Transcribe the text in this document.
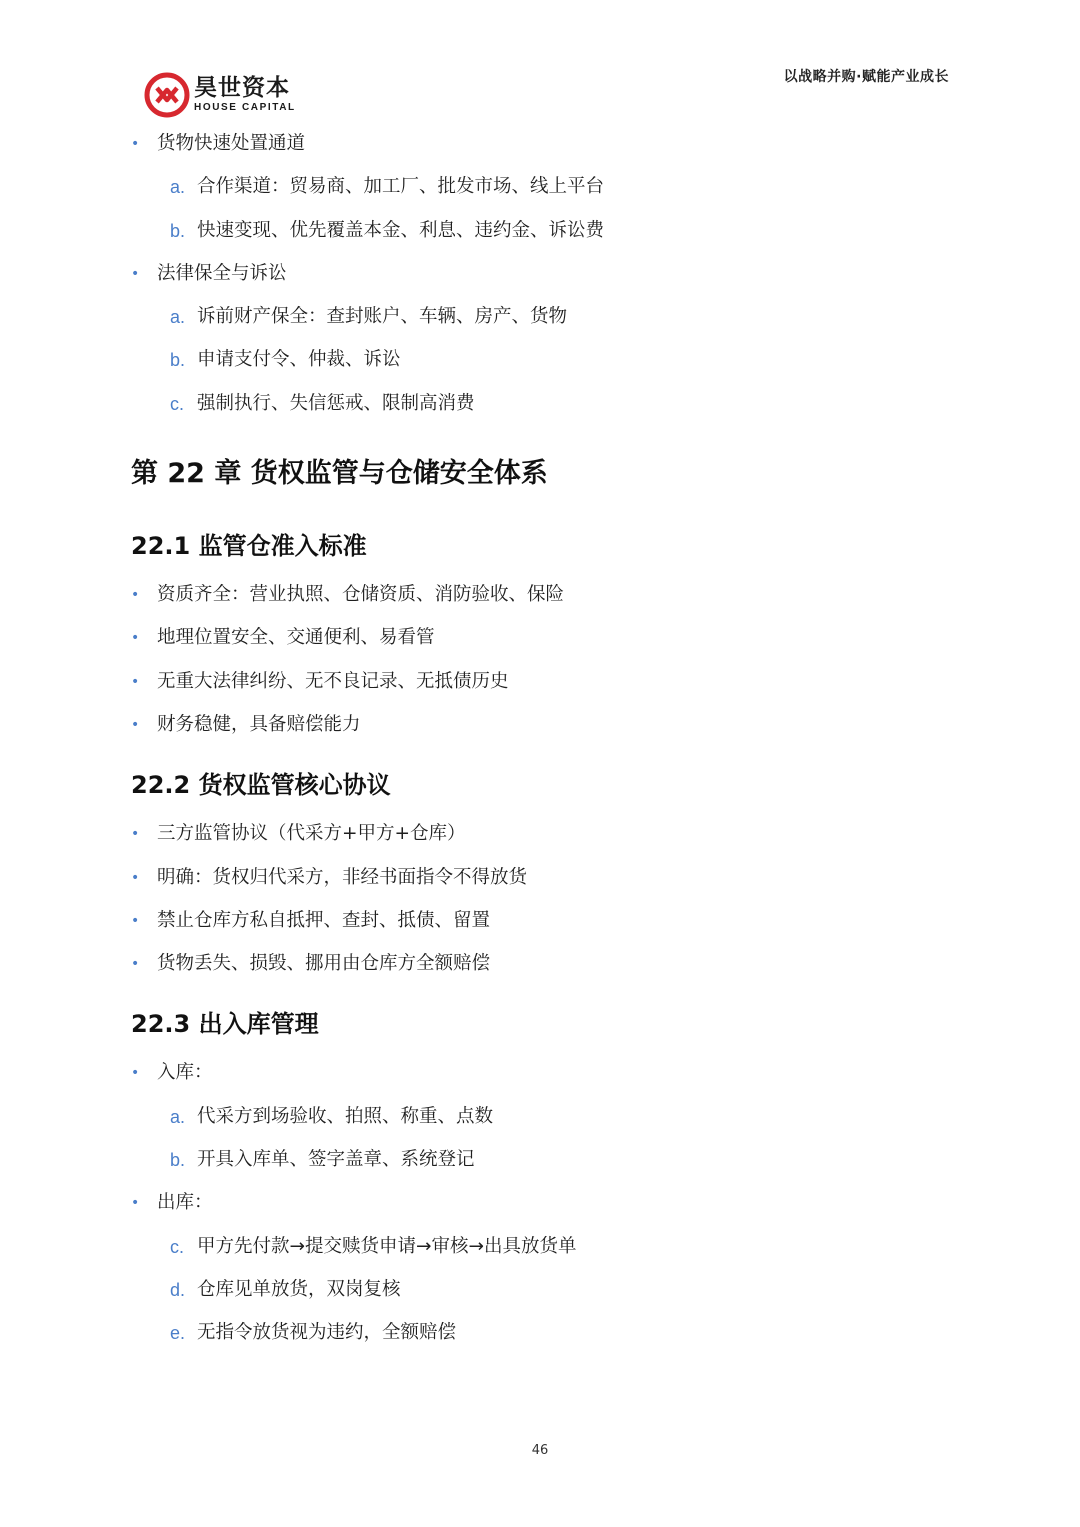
昊世资本
HOUSE CAPITAL
以战略并购·赋能产业成长
• 货物快速处置通道
a. 合作渠道：贸易商、加工厂、批发市场、线上平台
b. 快速变现、优先覆盖本金、利息、违约金、诉讼费
• 法律保全与诉讼
a. 诉前财产保全：查封账户、车辆、房产、货物
b. 申请支付令、仲裁、诉讼
c. 强制执行、失信惩戒、限制高消费
第 22 章 货权监管与仓储安全体系
22.1 监管仓准入标准
• 资质齐全：营业执照、仓储资质、消防验收、保险
• 地理位置安全、交通便利、易看管
• 无重大法律纠纷、无不良记录、无抵债历史
• 财务稳健，具备赔偿能力
22.2 货权监管核心协议
• 三方监管协议（代采方+甲方+仓库）
• 明确：货权归代采方，非经书面指令不得放货
• 禁止仓库方私自抵押、查封、抵债、留置
• 货物丢失、损毁、挪用由仓库方全额赔偿
22.3 出入库管理
• 入库：
a. 代采方到场验收、拍照、称重、点数
b. 开具入库单、签字盖章、系统登记
• 出库：
c. 甲方先付款→提交赎货申请→审核→出具放货单
d. 仓库见单放货，双岗复核
e. 无指令放货视为违约，全额赔偿
46
